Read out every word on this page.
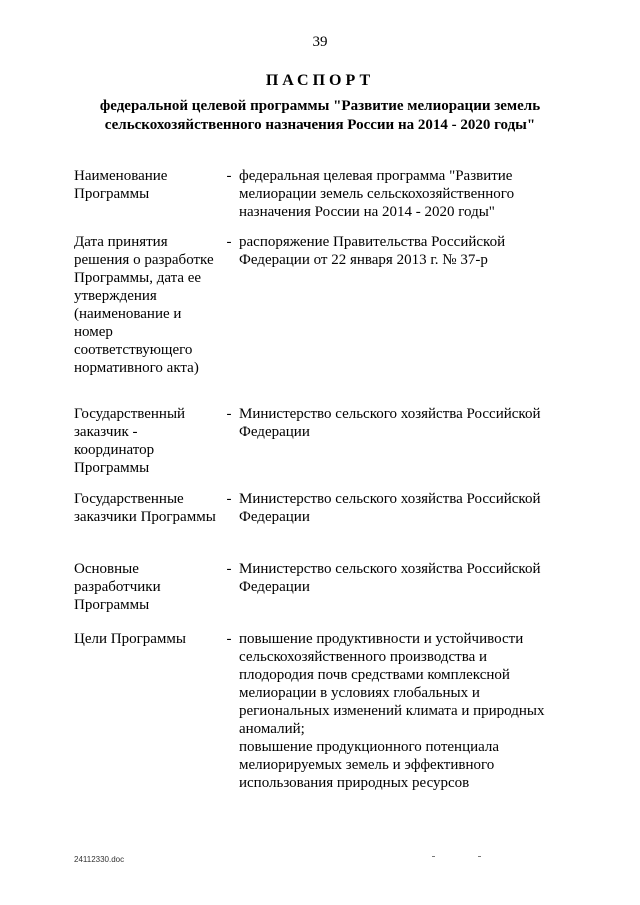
39
ПАСПОРТ
федеральной целевой программы "Развитие мелиорации земель
сельскохозяйственного назначения России на 2014 - 2020 годы"
Наименование Программы
- федеральная целевая программа "Развитие мелиорации земель сельскохозяйственного назначения России на 2014 - 2020 годы"

Дата принятия решения о разработке Программы, дата ее утверждения (наименование и номер соответствующего нормативного акта)
- распоряжение Правительства Российской Федерации от 22 января 2013 г. № 37-р

Государственный заказчик - координатор Программы
- Министерство сельского хозяйства Российской Федерации

Государственные заказчики Программы
- Министерство сельского хозяйства Российской Федерации

Основные разработчики Программы
- Министерство сельского хозяйства Российской Федерации

Цели Программы	- повышение продуктивности и устойчивости сельскохозяйственного производства и плодородия почв средствами комплексной мелиорации в условиях глобальных и региональных изменений климата и природных аномалий;

повышение продукционного потенциала мелиорируемых земель и эффективного использования природных ресурсов

24112330.doc
